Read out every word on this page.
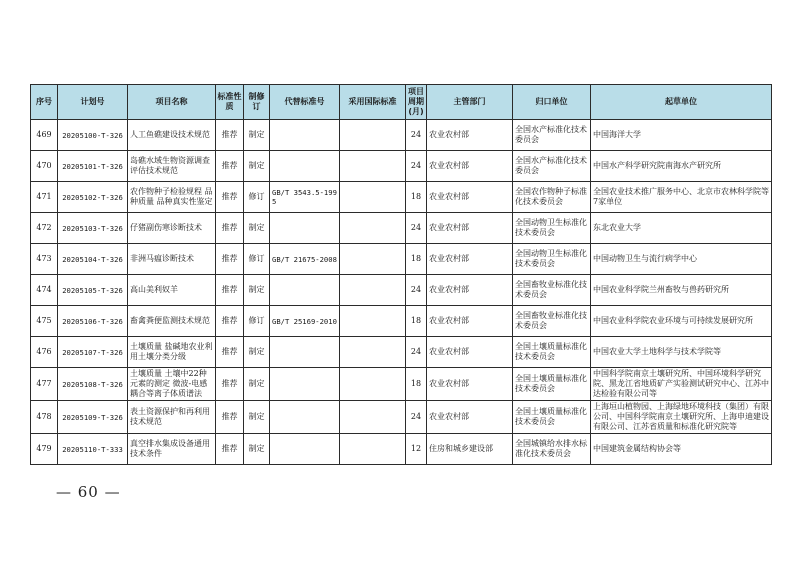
序号	计划号	项目名称	标准性质	制修订	代替标准号	采用国际标准	项目周期(月)	主管部门	归口单位	起草单位
469	20205100-T-326	人工鱼礁建设技术规范	推荐	制定			24	农业农村部	全国水产标准化技术委员会	中国海洋大学
470	20205101-T-326	岛礁水域生物资源调查评估技术规范	推荐	制定			24	农业农村部	全国水产标准化技术委员会	中国水产科学研究院南海水产研究所
471	20205102-T-326	农作物种子检验规程 品种质量 品种真实性鉴定	推荐	修订	GB/T 3543.5-1995		18	农业农村部	全国农作物种子标准化技术委员会	全国农业技术推广服务中心、北京市农林科学院等7家单位
472	20205103-T-326	仔猪副伤寒诊断技术	推荐	制定			24	农业农村部	全国动物卫生标准化技术委员会	东北农业大学
473	20205104-T-326	非洲马瘟诊断技术	推荐	修订	GB/T 21675-2008		18	农业农村部	全国动物卫生标准化技术委员会	中国动物卫生与流行病学中心
474	20205105-T-326	高山美利奴羊	推荐	制定			24	农业农村部	全国畜牧业标准化技术委员会	中国农业科学院兰州畜牧与兽药研究所
475	20205106-T-326	畜禽粪便监测技术规范	推荐	修订	GB/T 25169-2010		18	农业农村部	全国畜牧业标准化技术委员会	中国农业科学院农业环境与可持续发展研究所
476	20205107-T-326	土壤质量 盐碱地农业利用土壤分类分级	推荐	制定			24	农业农村部	全国土壤质量标准化技术委员会	中国农业大学土地科学与技术学院等
477	20205108-T-326	土壤质量 土壤中22种元素的测定 微波-电感耦合等离子体质谱法	推荐	制定			18	农业农村部	全国土壤质量标准化技术委员会	中国科学院南京土壤研究所、中国环境科学研究院、黑龙江省地质矿产实验测试研究中心、江苏中达检验有限公司等
478	20205109-T-326	表土资源保护和再利用技术规范	推荐	制定			24	农业农村部	全国土壤质量标准化技术委员会	上海垣山植物园、上海绿地环境科技（集团）有限公司、中国科学院南京土壤研究所、上海申迪建设有限公司、江苏省质量和标准化研究院等
479	20205110-T-333	真空排水集成设备通用技术条件	推荐	制定			12	住房和城乡建设部	全国城镇给水排水标准化技术委员会	中国建筑金属结构协会等
— 60 —
